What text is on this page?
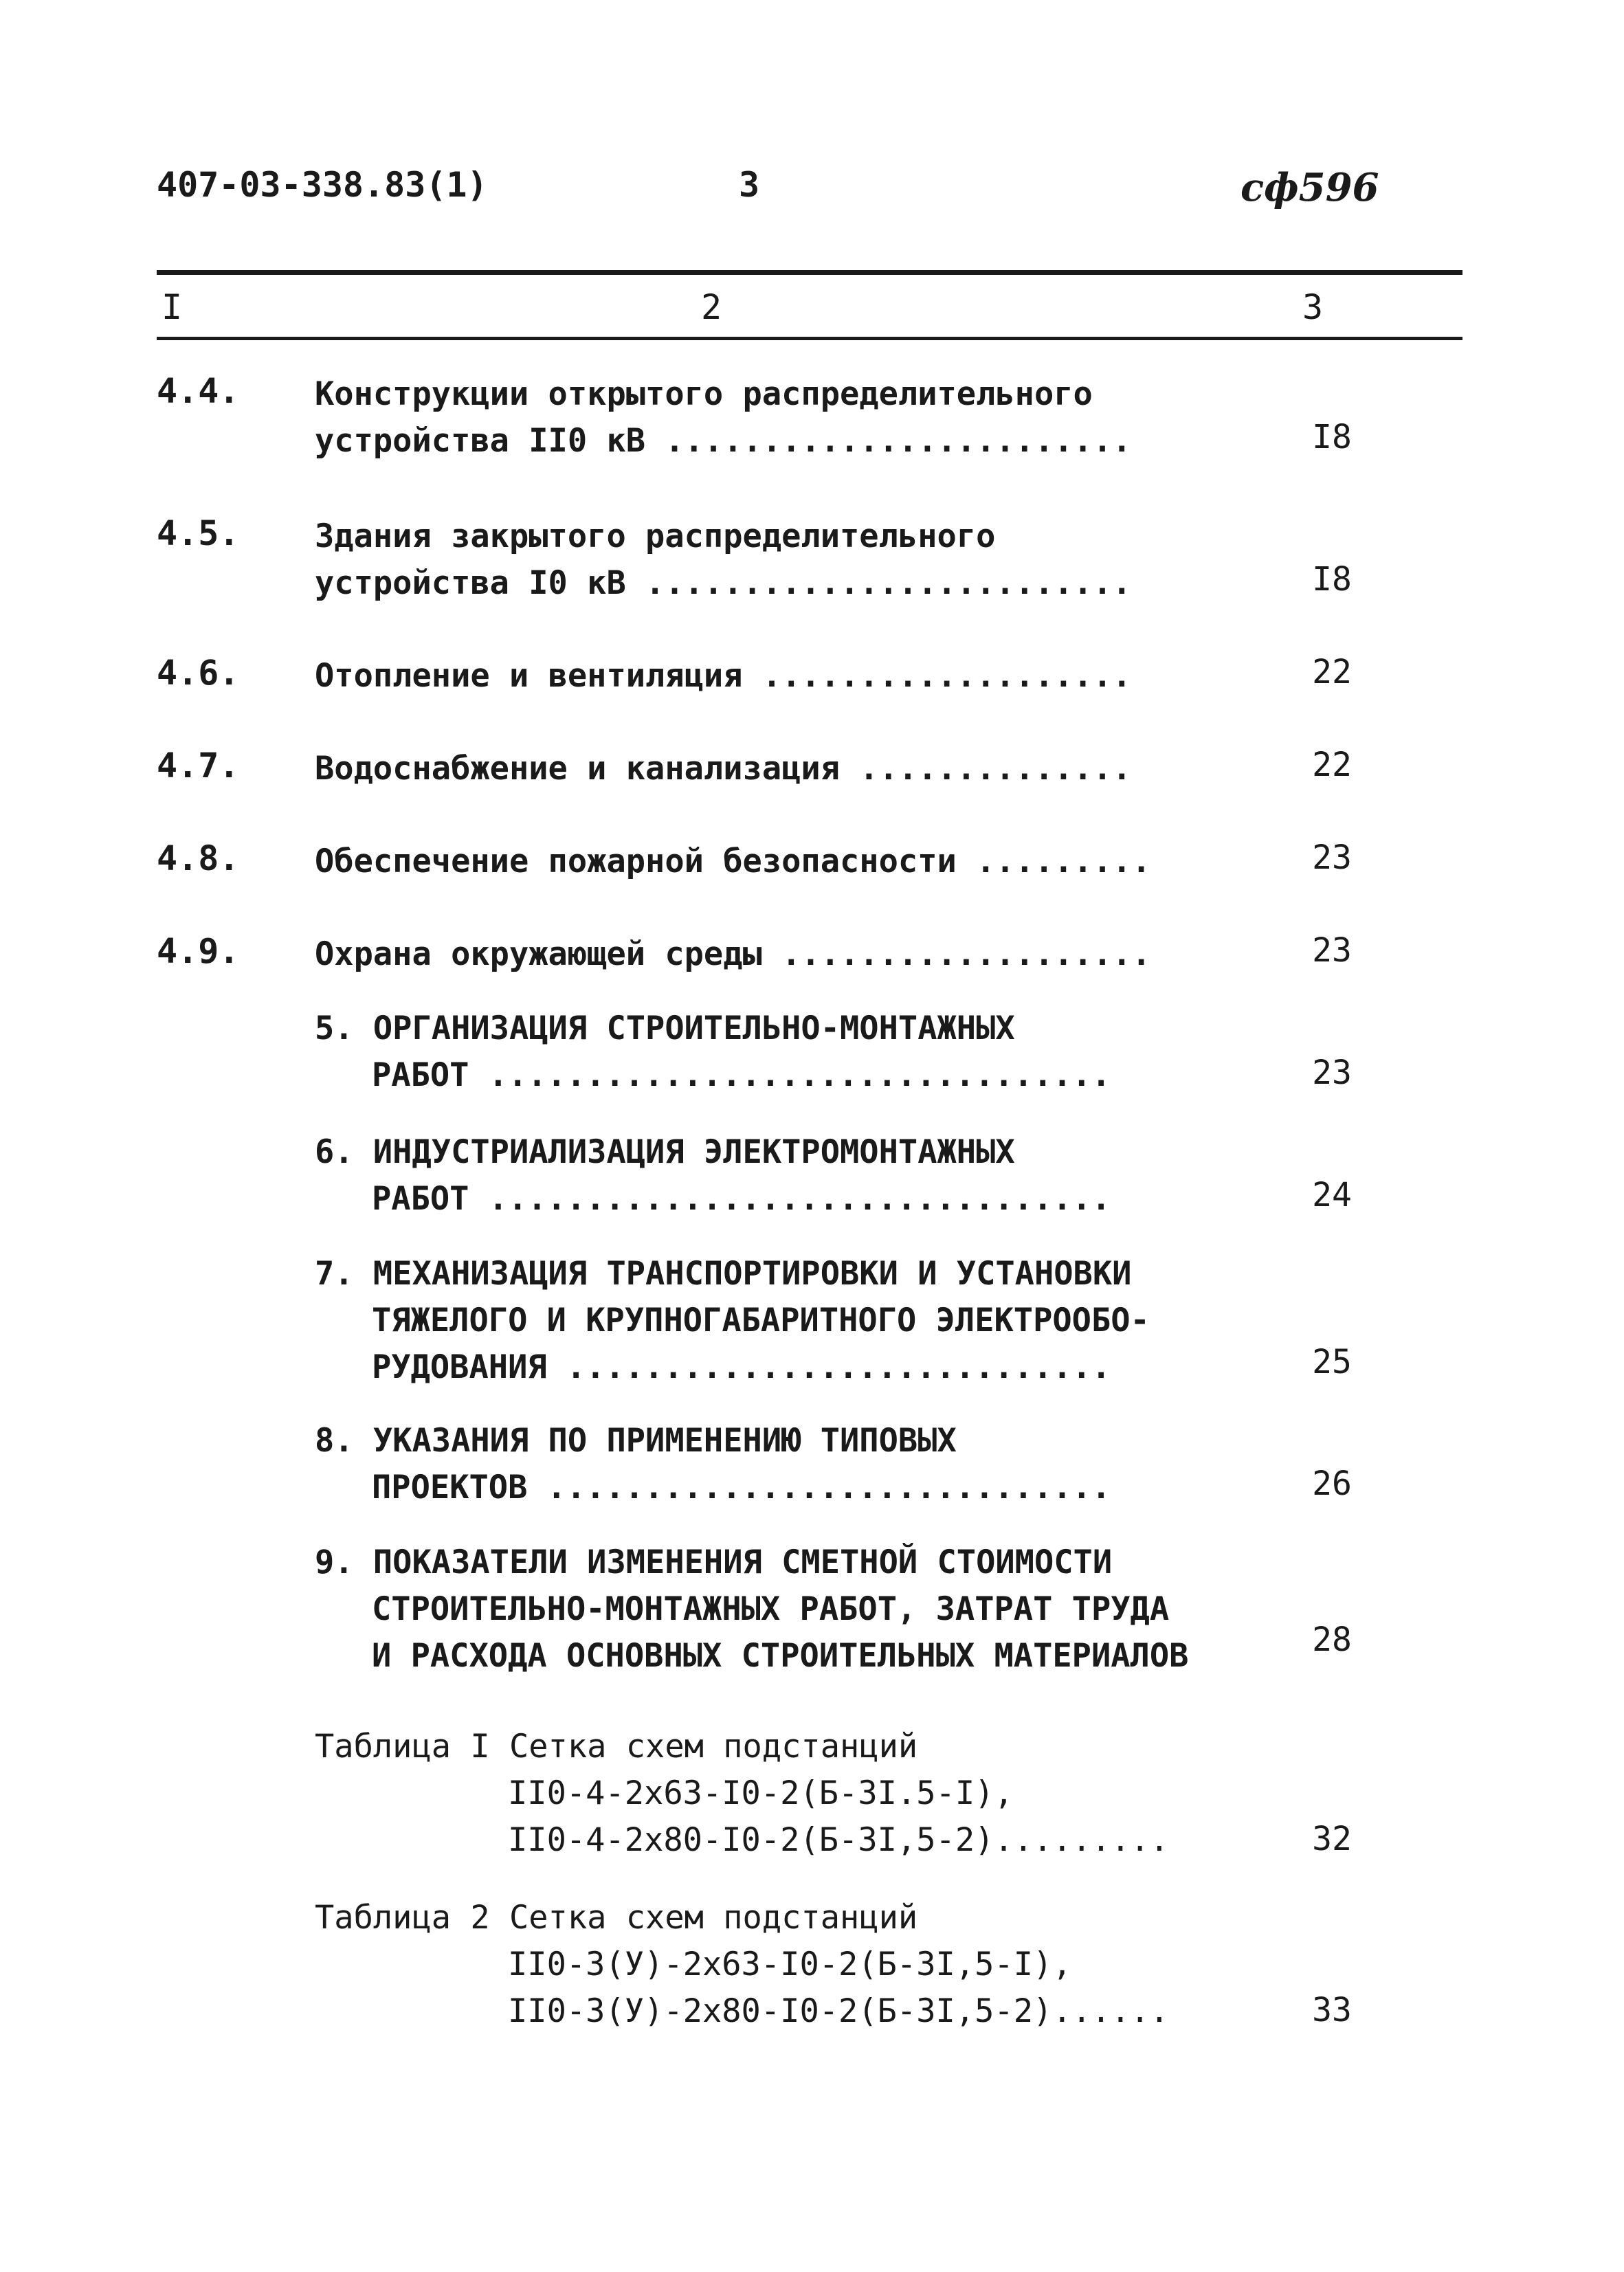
407-03-338.83(1)	3	сф596
I	2	3
4.4. Конструкции открытого распределительного
устройства II0 кВ ........................	I8
4.5. Здания закрытого распределительного
устройства I0 кВ .........................	I8
4.6. Отопление и вентиляция ...................	22
4.7. Водоснабжение и канализация ..............	22
4.8. Обеспечение пожарной безопасности .........	23
4.9. Охрана окружающей среды ...................	23
5. ОРГАНИЗАЦИЯ СТРОИТЕЛЬНО-МОНТАЖНЫХ

РАБОТ ................................	23
6. ИНДУСТРИАЛИЗАЦИЯ ЭЛЕКТРОМОНТАЖНЫХ

РАБОТ ................................	24
7. МЕХАНИЗАЦИЯ ТРАНСПОРТИРОВКИ И УСТАНОВКИ

ТЯЖЕЛОГО И КРУПНОГАБАРИТНОГО ЭЛЕКТРООБО-
РУДОВАНИЯ ............................	25
8. УКАЗАНИЯ ПО ПРИМЕНЕНИЮ ТИПОВЫХ

ПРОЕКТОВ .............................	26
9. ПОКАЗАТЕЛИ ИЗМЕНЕНИЯ СМЕТНОЙ СТОИМОСТИ

СТРОИТЕЛЬНО-МОНТАЖНЫХ РАБОТ, ЗАТРАТ ТРУДА
И РАСХОДА ОСНОВНЫХ СТРОИТЕЛЬНЫХ МАТЕРИАЛОВ	28
Таблица I Сетка схем подстанций

II0-4-2х63-I0-2(Б-3I.5-I),
II0-4-2х80-I0-2(Б-3I,5-2).........	32
Таблица 2 Сетка схем подстанций

II0-3(У)-2х63-I0-2(Б-3I,5-I),
II0-3(У)-2х80-I0-2(Б-3I,5-2)......	33
